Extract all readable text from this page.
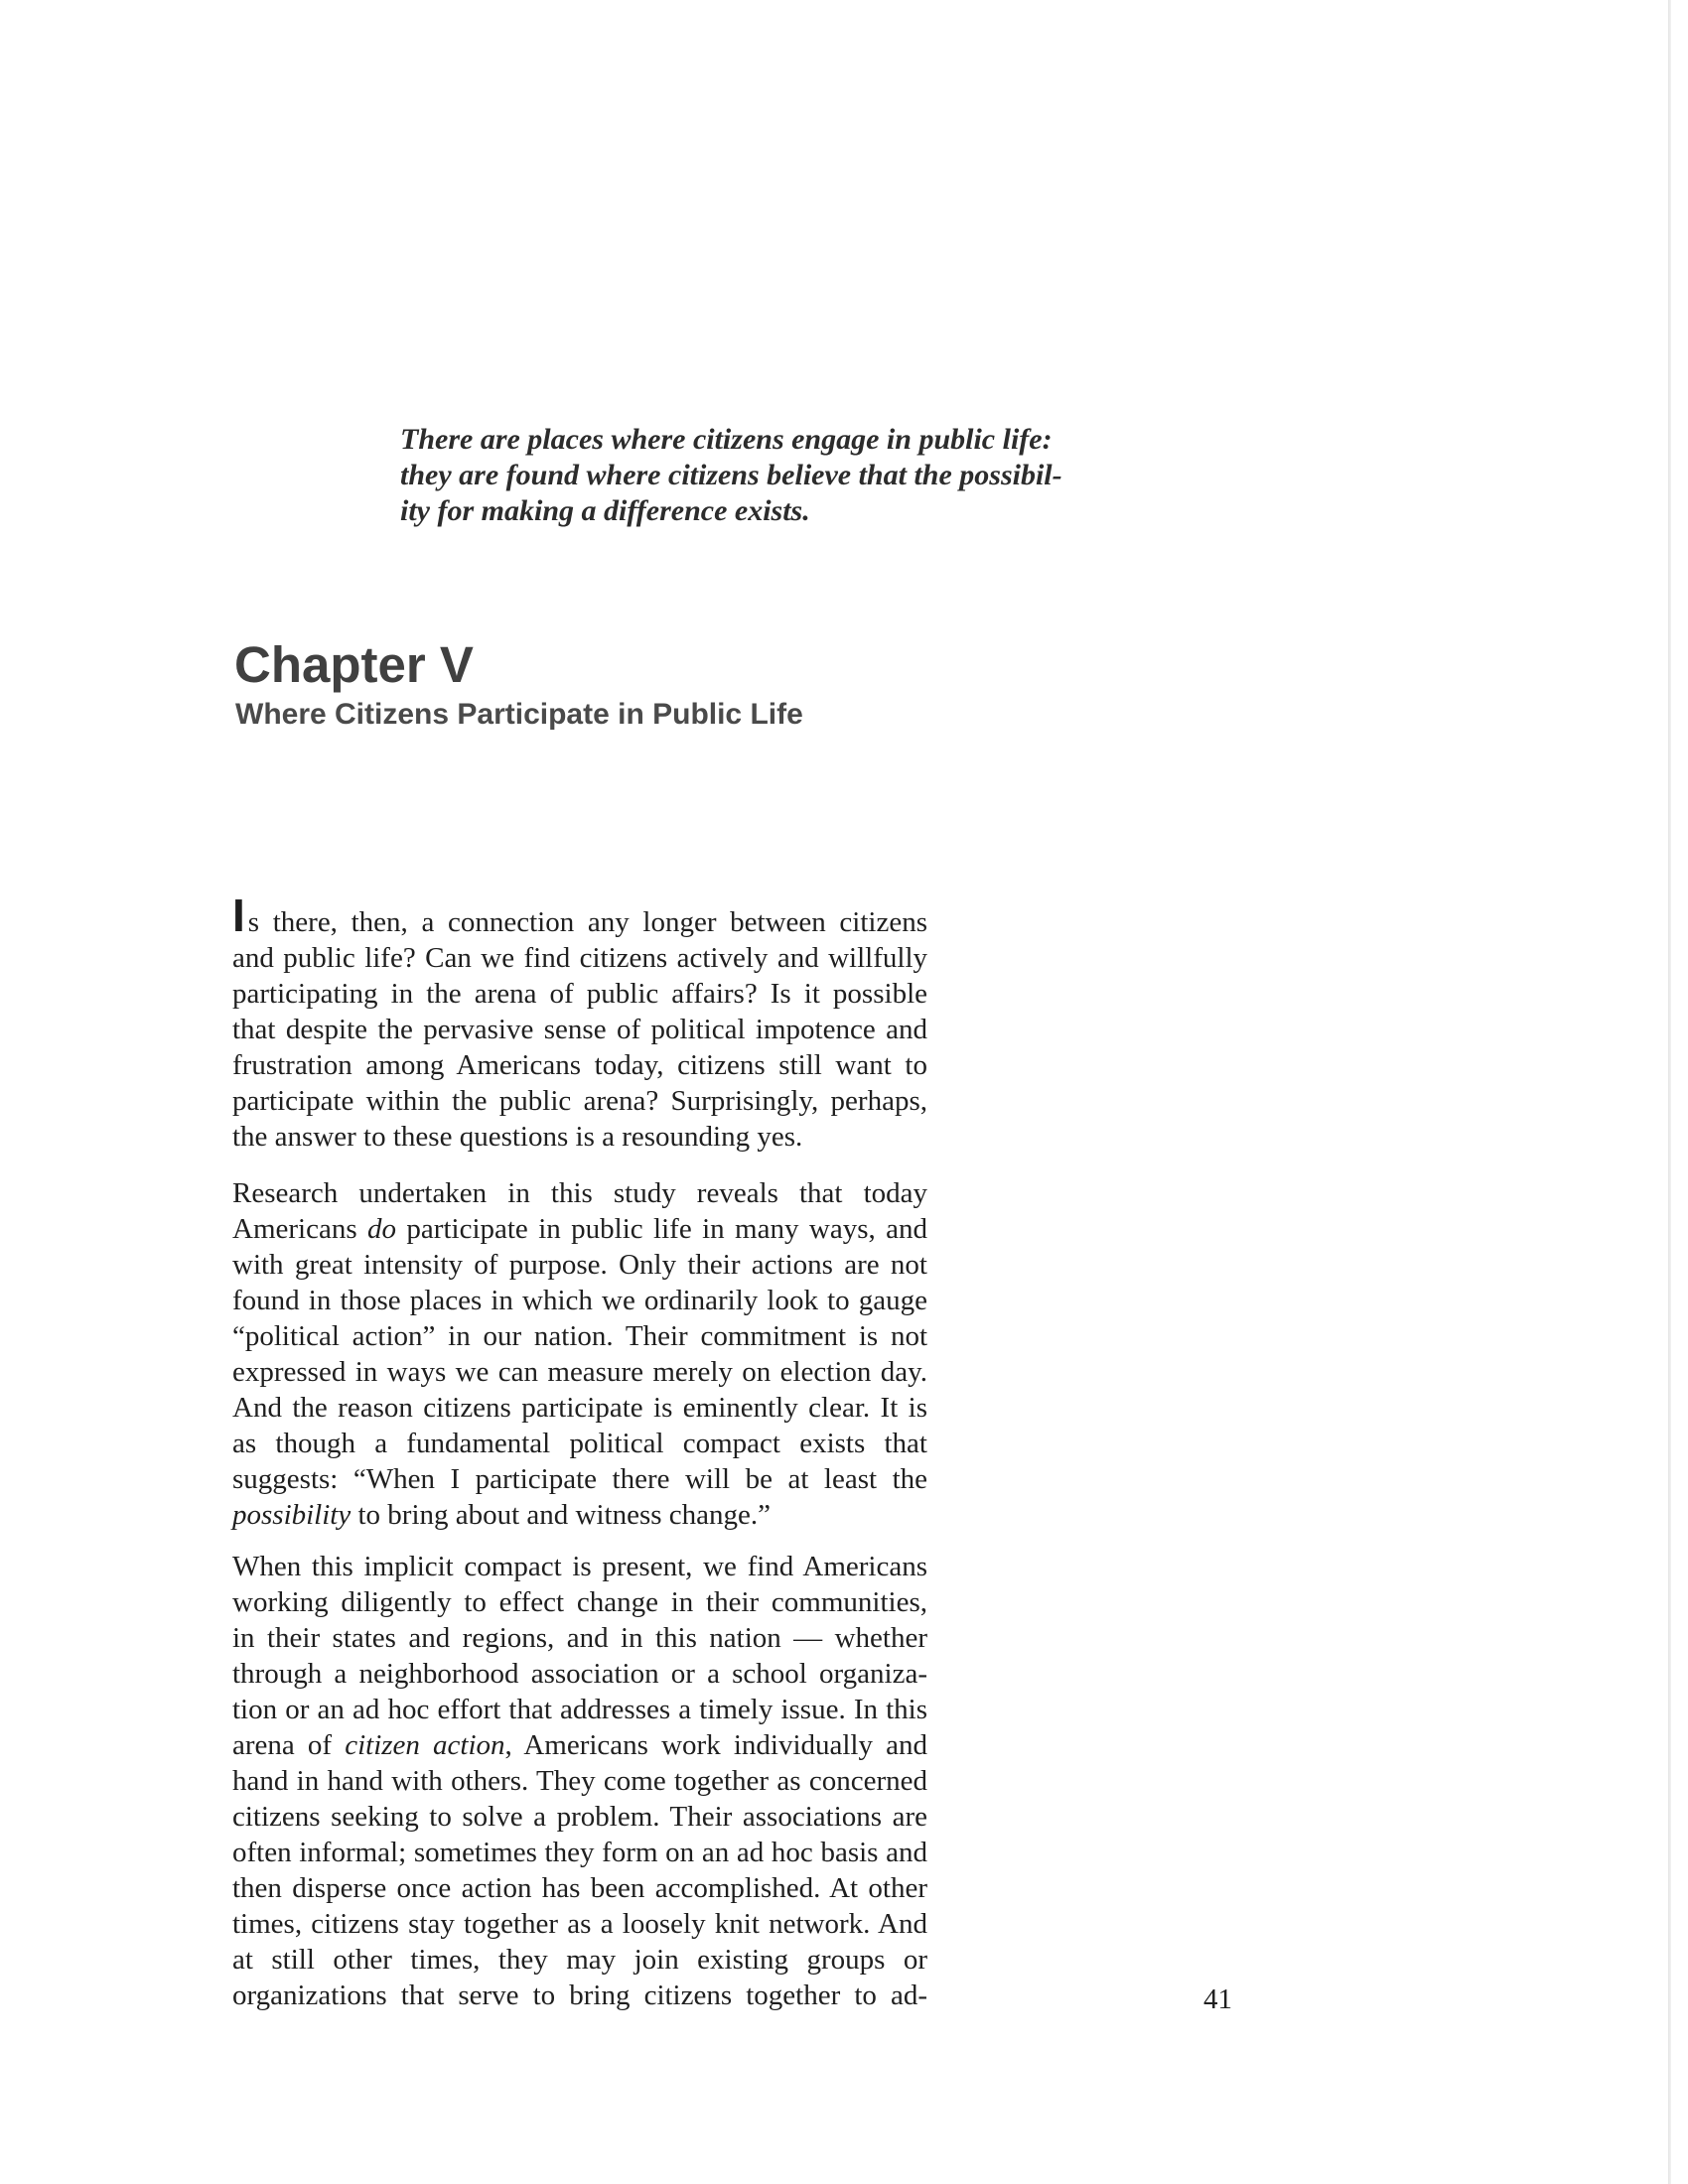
There are places where citizens engage in public life:
they are found where citizens believe that the possibil-
ity for making a difference exists.
Chapter V
Where Citizens Participate in Public Life
Is there, then, a connection any longer between citizens
and public life? Can we find citizens actively and willfully
participating in the arena of public affairs? Is it possible
that despite the pervasive sense of political impotence and
frustration among Americans today, citizens still want to
participate within the public arena? Surprisingly, perhaps,
the answer to these questions is a resounding yes.
Research undertaken in this study reveals that today
Americans do participate in public life in many ways, and
with great intensity of purpose. Only their actions are not
found in those places in which we ordinarily look to gauge
“political action” in our nation. Their commitment is not
expressed in ways we can measure merely on election day.
And the reason citizens participate is eminently clear. It is
as though a fundamental political compact exists that
suggests: “When I participate there will be at least the
possibility to bring about and witness change.”
When this implicit compact is present, we find Americans
working diligently to effect change in their communities,
in their states and regions, and in this nation — whether
through a neighborhood association or a school organiza-
tion or an ad hoc effort that addresses a timely issue. In this
arena of citizen action, Americans work individually and
hand in hand with others. They come together as concerned
citizens seeking to solve a problem. Their associations are
often informal; sometimes they form on an ad hoc basis and
then disperse once action has been accomplished. At other
times, citizens stay together as a loosely knit network. And
at still other times, they may join existing groups or
organizations that serve to bring citizens together to ad-	41
